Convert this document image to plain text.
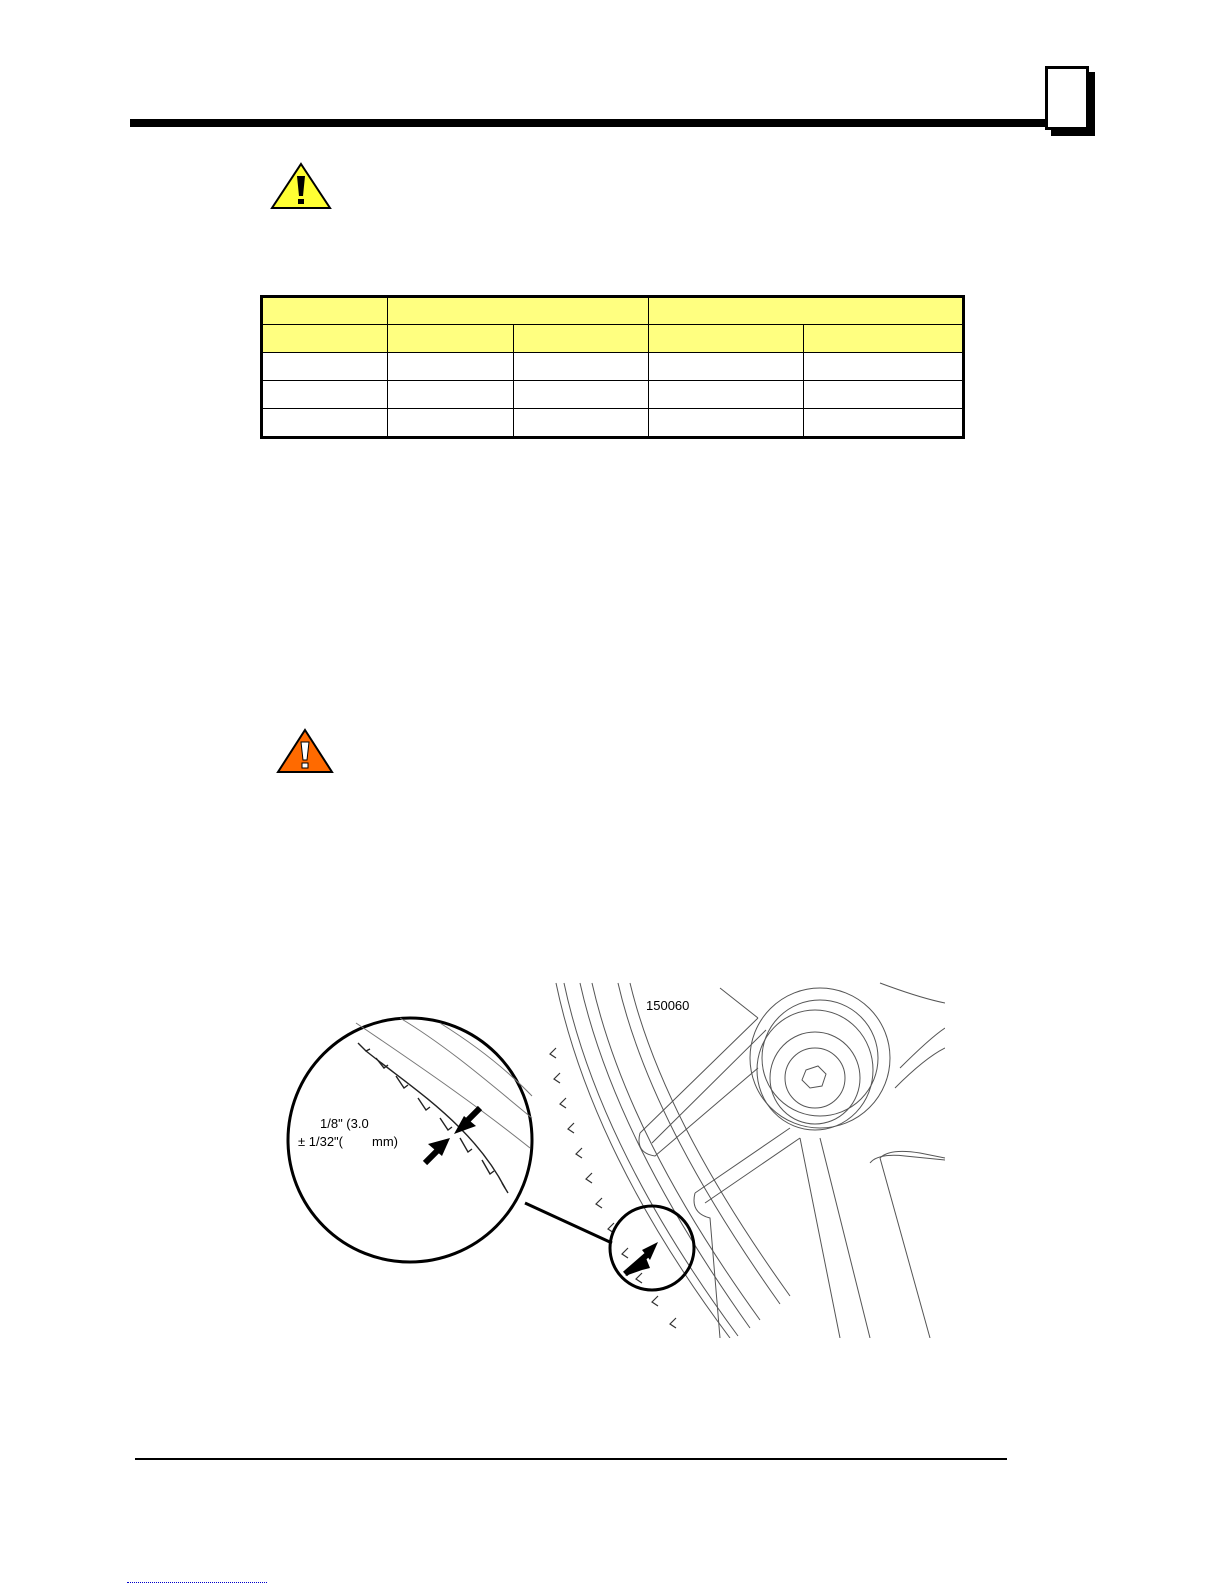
1/8" (3.0
± 1/32"( mm)
150060
